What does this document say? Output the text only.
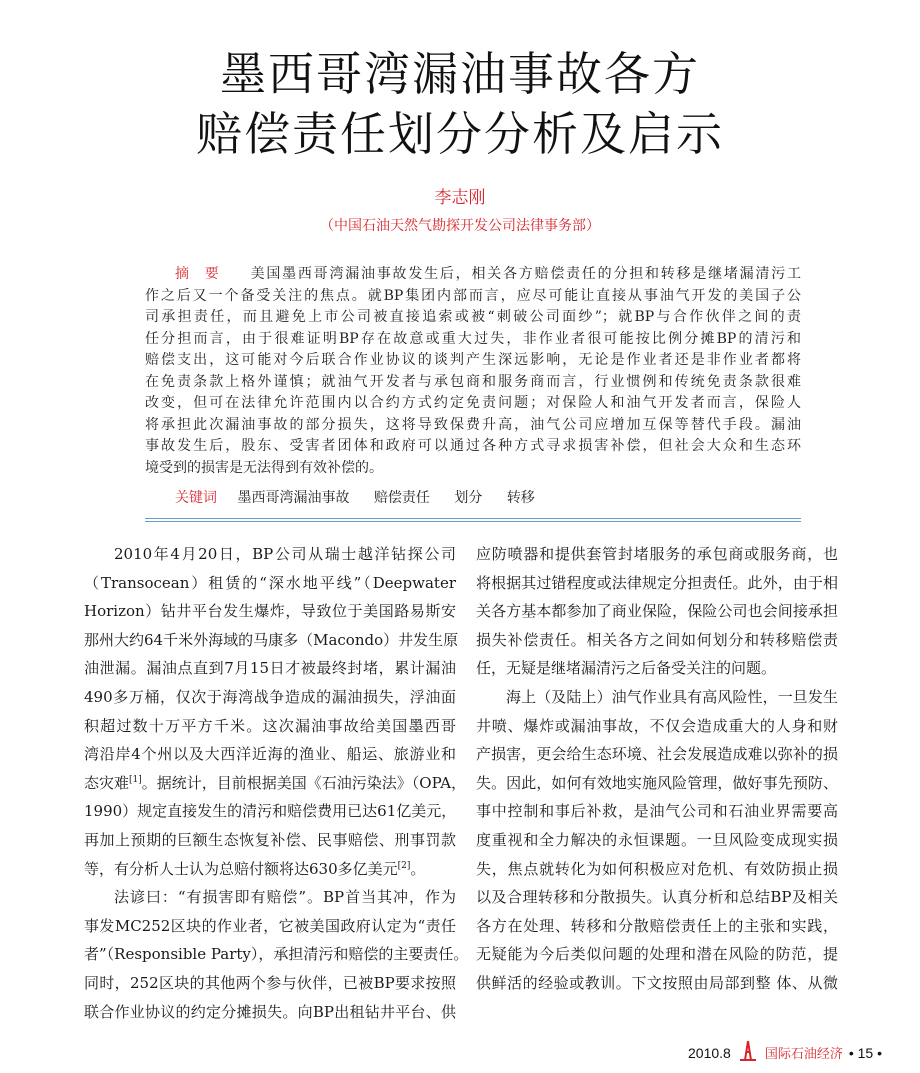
墨西哥湾漏油事故各方
赔偿责任划分分析及启示
李志刚
（中国石油天然气勘探开发公司法律事务部）
摘要 美国墨西哥湾漏油事故发生后，相关各方赔偿责任的分担和转移是继堵漏清污工
作之后又一个备受关注的焦点。就BP集团内部而言，应尽可能让直接从事油气开发的美国子公
司承担责任，而且避免上市公司被直接追索或被“刺破公司面纱”；就BP与合作伙伴之间的责
任分担而言，由于很难证明BP存在故意或重大过失，非作业者很可能按比例分摊BP的清污和
赔偿支出，这可能对今后联合作业协议的谈判产生深远影响，无论是作业者还是非作业者都将
在免责条款上格外谨慎；就油气开发者与承包商和服务商而言，行业惯例和传统免责条款很难
改变，但可在法律允许范围内以合约方式约定免责问题；对保险人和油气开发者而言，保险人
将承担此次漏油事故的部分损失，这将导致保费升高，油气公司应增加互保等替代手段。漏油
事故发生后，股东、受害者团体和政府可以通过各种方式寻求损害补偿，但社会大众和生态环
境受到的损害是无法得到有效补偿的。
关键词 墨西哥湾漏油事故 赔偿责任 划分 转移
2010年4月20日，BP公司从瑞士越洋钻探公司
（Transocean）租赁的“深水地平线”（Deepwater
Horizon）钻井平台发生爆炸，导致位于美国路易斯安
那州大约64千米外海域的马康多（Macondo）井发生原
油泄漏。漏油点直到7月15日才被最终封堵，累计漏油
490多万桶，仅次于海湾战争造成的漏油损失，浮油面
积超过数十万平方千米。这次漏油事故给美国墨西哥
湾沿岸4个州以及大西洋近海的渔业、船运、旅游业和
态灾难[1]。据统计，目前根据美国《石油污染法》（OPA，
1990）规定直接发生的清污和赔偿费用已达61亿美元，
再加上预期的巨额生态恢复补偿、民事赔偿、刑事罚款
等，有分析人士认为总赔付额将达630多亿美元[2]。
法谚曰：“有损害即有赔偿”。BP首当其冲，作为
事发MC252区块的作业者，它被美国政府认定为“责任
者”（Responsible Party），承担清污和赔偿的主要责任。
同时，252区块的其他两个参与伙伴，已被BP要求按照
联合作业协议的约定分摊损失。向BP出租钻井平台、供
应防喷器和提供套管封堵服务的承包商或服务商，也
将根据其过错程度或法律规定分担责任。此外，由于相
关各方基本都参加了商业保险，保险公司也会间接承担
损失补偿责任。相关各方之间如何划分和转移赔偿责
任，无疑是继堵漏清污之后备受关注的问题。
海上（及陆上）油气作业具有高风险性，一旦发生
井喷、爆炸或漏油事故，不仅会造成重大的人身和财
产损害，更会给生态环境、社会发展造成难以弥补的损
失。因此，如何有效地实施风险管理，做好事先预防、
事中控制和事后补救，是油气公司和石油业界需要高
度重视和全力解决的永恒课题。一旦风险变成现实损
失，焦点就转化为如何积极应对危机、有效防损止损
以及合理转移和分散损失。认真分析和总结BP及相关
各方在处理、转移和分散赔偿责任上的主张和实践，
无疑能为今后类似问题的处理和潜在风险的防范，提
供鲜活的经验或教训。下文按照由局部到整 体、从微
2010.8	国际石油经济 • 15 •
